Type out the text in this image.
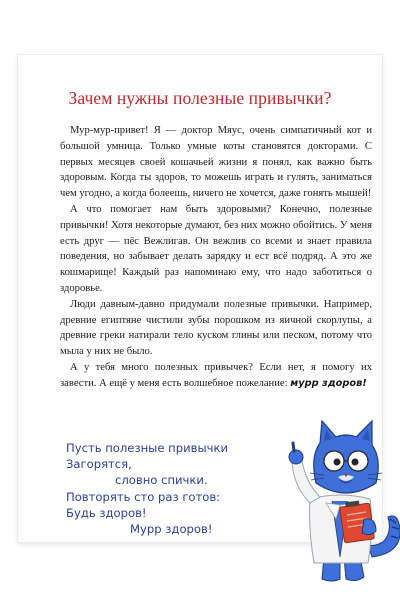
Зачем нужны полезные привычки?

Мур-мур-привет! Я — доктор Мяус, очень симпатичный кот и большой умница. Только умные коты становятся докторами. С первых месяцев своей кошачьей жизни я понял, как важно быть здоровым. Когда ты здоров, то можешь играть и гулять, заниматься чем угодно, а когда болеешь, ничего не хочется, даже гонять мышей!

А что помогает нам быть здоровыми? Конечно, полезные привычки! Хотя некоторые думают, без них можно обойтись. У меня есть друг — пёс Вежлигав. Он вежлив со всеми и знает правила поведения, но забывает делать зарядку и ест всё подряд. А это же кошмарище! Каждый раз напоминаю ему, что надо заботиться о здоровье.

Люди давным-давно придумали полезные привычки. Например, древние египтяне чистили зубы порошком из яичной скорлупы, а древние греки натирали тело куском глины или песком, потому что мыла у них не было.

А у тебя много полезных привычек? Если нет, я помогу их завести. А ещё у меня есть волшебное пожелание: мурр здоров!

Пусть полезные привычки
Загорятся,
словно спички.
Повторять сто раз готов:
Будь здоров!
Мурр здоров!
